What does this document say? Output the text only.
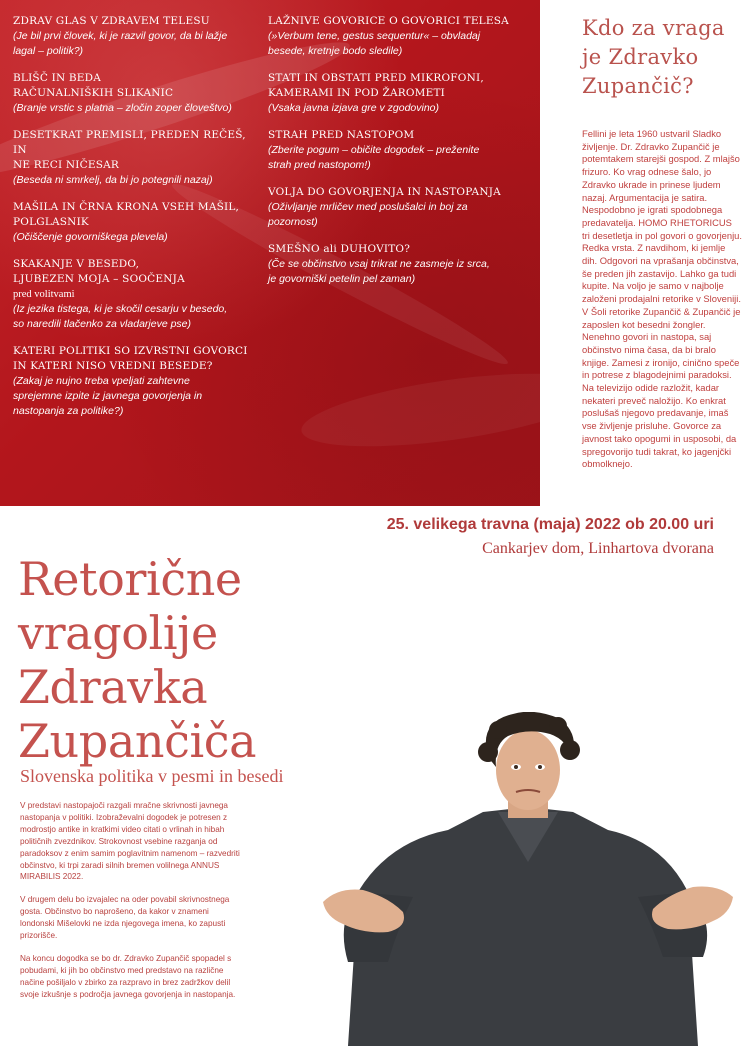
ZDRAV GLAS V ZDRAVEM TELESU
(Je bil prvi človek, ki je razvil govor, da bi lažje
lagal – politik?)
BLIŠČ IN BEDA
RAČUNALNIŠKIH SLIKANIC
(Branje vrstic s platna – zločin zoper človeštvo)
DESETKRAT PREMISLI, PREDEN REČEŠ, IN
NE RECI NIČESAR
(Beseda ni smrkelj, da bi jo potegnili nazaj)
MAŠILA IN ČRNA KRONA VSEH MAŠIL,
POLGLASNIK
(Očiščenje govorniškega plevela)
SKAKANJE V BESEDO,
LJUBEZEN MOJA – SOOČENJA
pred volitvami
(Iz jezika tistega, ki je skočil cesarju v besedo,
so naredili tlačenko za vladarjeve pse)
KATERI POLITIKI SO IZVRSTNI GOVORCI
IN KATERI NISO VREDNI BESEDE?
(Zakaj je nujno treba vpeljati zahtevne
sprejemne izpite iz javnega govorjenja in
nastopanja za politike?)
LAŽNIVE GOVORICE O GOVORICI TELESA
(»Verbum tene, gestus sequentur« – obvladaj
besede, kretnje bodo sledile)
STATI IN OBSTATI PRED MIKROFONI,
KAMERAMI IN POD ŽAROMETI
(Vsaka javna izjava gre v zgodovino)
STRAH PRED NASTOPOM
(Zberite pogum – običite dogodek – preženite
strah pred nastopom!)
VOLJA DO GOVORJENJA IN NASTOPANJA
(Oživljanje mrličev med poslušalci in boj za
pozornost)
SMEŠNO ali DUHOVITO?
(Če se občinstvo vsaj trikrat ne zasmeje iz srca,
je govorniški petelin pel zaman)
Kdo za vraga
je Zdravko
Zupančič?
Fellini je leta 1960 ustvaril Sladko življenje. Dr. Zdravko Zupančič je potemtakem starejši gospod. Z mlajšo frizuro. Ko vrag odnese šalo, jo Zdravko ukrade in prinese ljudem nazaj. Argumentacija je satira. Nespodobno je igrati spodobnega predavatelja. HOMO RHETORICUS tri desetletja in pol govori o govorjenju. Redka vrsta. Z navdihom, ki jemlje dih. Odgovori na vprašanja občinstva, še preden jih zastavijo. Lahko ga tudi kupite. Na voljo je samo v najbolje založeni prodajalni retorike v Sloveniji. V Šoli retorike Zupančič & Zupančič je zaposlen kot besedni žongler. Nenehno govori in nastopa, saj občinstvo nima časa, da bi bralo knjige. Zamesi z ironijo, cinično speče in potrese z blagodejnimi paradoksi. Na televizijo odide razložit, kadar nekateri preveč naložijo. Ko enkrat poslušaš njegovo predavanje, imaš vse življenje prisluhe. Govorce za javnost tako opogumi in usposobi, da spregovorijo tudi takrat, ko jagenjčki obmolknejo.
25. velikega travna (maja) 2022 ob 20.00 uri
Cankarjev dom, Linhartova dvorana
Retorične
vragolije
Zdravka
Zupančiča
Slovenska politika v pesmi in besedi

V predstavi nastopajoči razgali mračne skrivnosti javnega nastopanja v politiki. Izobraževalni dogodek je potresen z modrostjo antike in kratkimi video citati o vrlinah in hibah političnih zvezdnikov. Strokovnost vsebine razganja od paradoksov z enim samim poglavitnim namenom – razvedriti občinstvo, ki trpi zaradi silnih bremen volilnega ANNUS MIRABILIS 2022.

V drugem delu bo izvajalec na oder povabil skrivnostnega gosta. Občinstvo bo naprošeno, da kakor v znameni londonski Mišelovki ne izda njegovega imena, ko zapusti prizorišče.

Na koncu dogodka se bo dr. Zdravko Zupančič spopadel s pobudami, ki jih bo občinstvo med predstavo na različne načine pošiljalo v zbirko za razpravo in brez zadržkov delil svoje izkušnje s področja javnega govorjenja in nastopanja.
